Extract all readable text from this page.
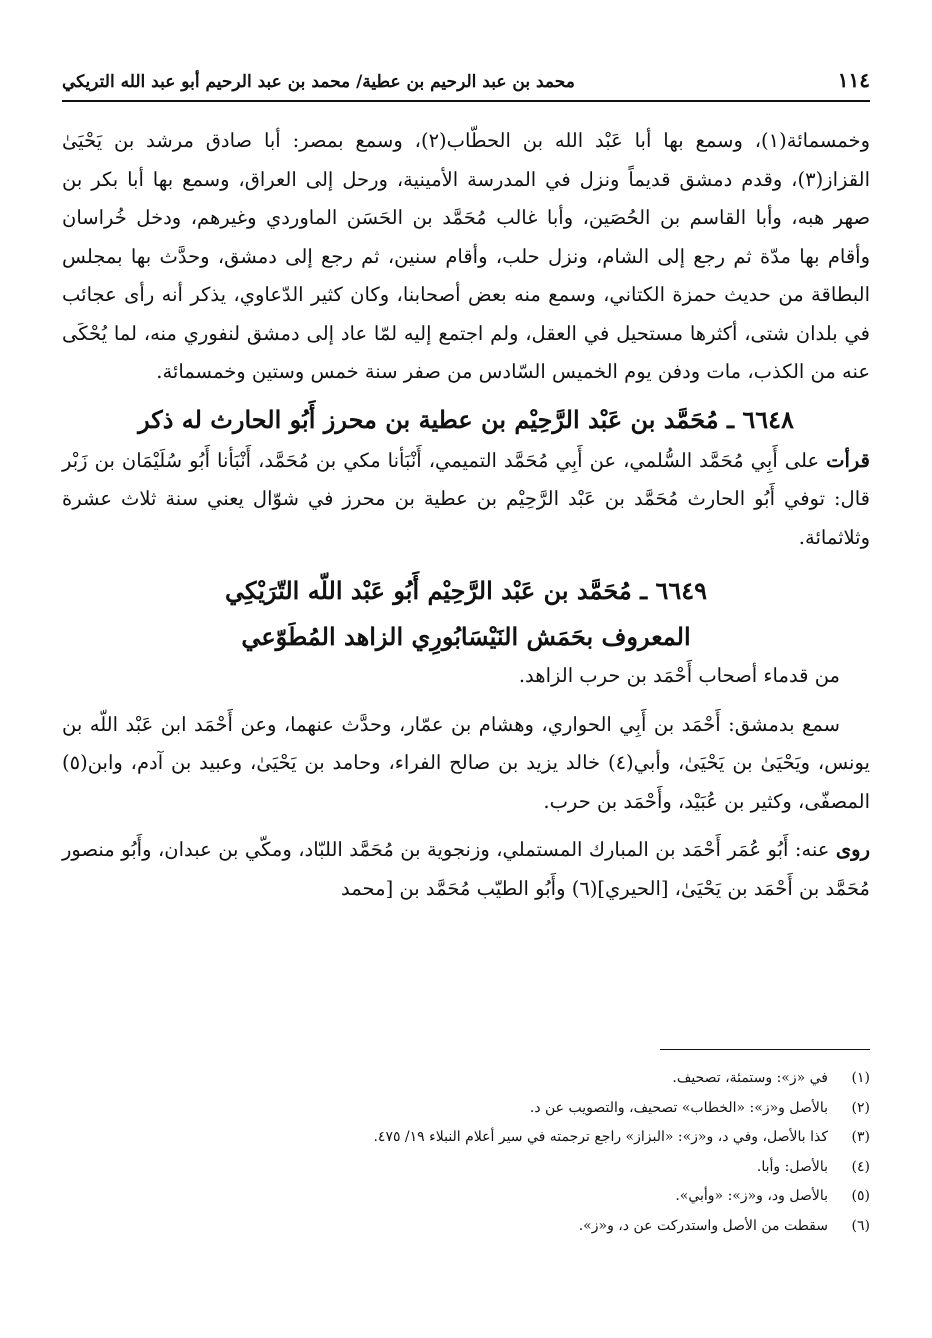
١١٤
محمد بن عبد الرحيم بن عطية/ محمد بن عبد الرحيم أبو عبد الله التريكي

وخمسمائة(١)، وسمع بها أبا عَبْد الله بن الحطّاب(٢)، وسمع بمصر: أبا صادق مرشد بن يَحْيَىٰ القزاز(٣)، وقدم دمشق قديماً ونزل في المدرسة الأمينية، ورحل إلى العراق، وسمع بها أبا بكر بن صهر هبه، وأبا القاسم بن الحُصَين، وأبا غالب مُحَمَّد بن الحَسَن الماوردي وغيرهم، ودخل خُراسان وأقام بها مدّة ثم رجع إلى الشام، ونزل حلب، وأقام سنين، ثم رجع إلى دمشق، وحدَّث بها بمجلس البطاقة من حديث حمزة الكتاني، وسمع منه بعض أصحابنا، وكان كثير الدّعاوي، يذكر أنه رأى عجائب في بلدان شتى، أكثرها مستحيل في العقل، ولم اجتمع إليه لمّا عاد إلى دمشق لنفوري منه، لما يُحْكَى عنه من الكذب، مات ودفن يوم الخميس السّادس من صفر سنة خمس وستين وخمسمائة.

٦٦٤٨ ـ مُحَمَّد بن عَبْد الرَّحِيْم بن عطية بن محرز أَبُو الحارث له ذكر

قرأت على أَبِي مُحَمَّد السُّلمي، عن أَبِي مُحَمَّد التميمي، أَنْبَأنا مكي بن مُحَمَّد، أَنْبَأنا أَبُو سُلَيْمَان بن زَبْر قال: توفي أَبُو الحارث مُحَمَّد بن عَبْد الرَّحِيْم بن عطية بن محرز في شوّال يعني سنة ثلاث عشرة وثلاثمائة.

٦٦٤٩ ـ مُحَمَّد بن عَبْد الرَّحِيْم أَبُو عَبْد اللّه التّرَيْكِي
المعروف بحَمَش النَيْسَابُورِي الزاهد المُطَوّعي

من قدماء أصحاب أَحْمَد بن حرب الزاهد.

سمع بدمشق: أَحْمَد بن أَبِي الحواري، وهشام بن عمّار، وحدَّث عنهما، وعن أَحْمَد ابن عَبْد اللّه بن يونس، ويَحْيَىٰ بن يَحْيَىٰ، وأبي(٤) خالد يزيد بن صالح الفراء، وحامد بن يَحْيَىٰ، وعبيد بن آدم، وابن(٥) المصفّى، وكثير بن عُبَيْد، وأَحْمَد بن حرب.

روى عنه: أَبُو عُمَر أَحْمَد بن المبارك المستملي، وزنجوية بن مُحَمَّد اللبّاد، ومكّي بن عبدان، وأَبُو منصور مُحَمَّد بن أَحْمَد بن يَحْيَىٰ، [الحيري](٦) وأَبُو الطيّب مُحَمَّد بن [محمد

(١)
في «ز»: وستمئة، تصحيف.
(٢)
بالأصل و«ز»: «الخطاب» تصحيف، والتصويب عن د.
(٣)
كذا بالأصل، وفي د، و«ز»: «البزاز» راجع ترجمته في سير أعلام النبلاء ١٩/ ٤٧٥.
(٤)
بالأصل: وأبا.
(٥)
بالأصل ود، و«ز»: «وأبي».
(٦)
سقطت من الأصل واستدركت عن د، و«ز».
